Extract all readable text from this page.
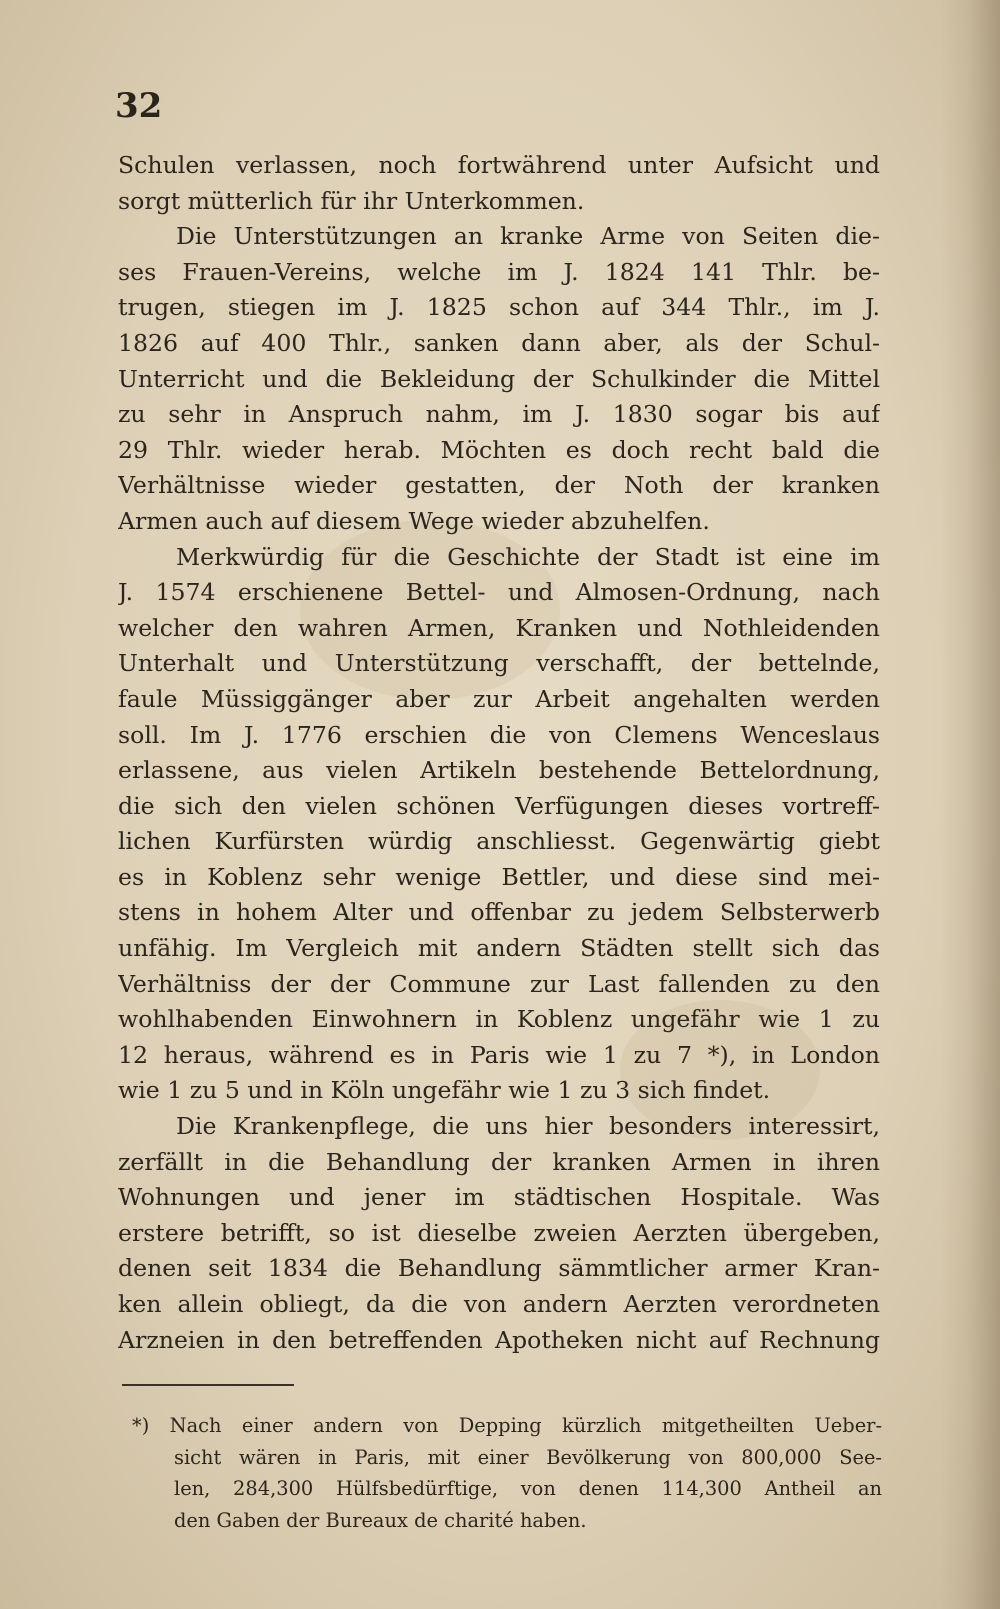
32
Schulen verlassen, noch fortwährend unter Aufsicht und
sorgt mütterlich für ihr Unterkommen.
Die Unterstützungen an kranke Arme von Seiten die-
ses Frauen-Vereins, welche im J. 1824 141 Thlr. be-
trugen, stiegen im J. 1825 schon auf 344 Thlr., im J.
1826 auf 400 Thlr., sanken dann aber, als der Schul-
Unterricht und die Bekleidung der Schulkinder die Mittel
zu sehr in Anspruch nahm, im J. 1830 sogar bis auf
29 Thlr. wieder herab. Möchten es doch recht bald die
Verhältnisse wieder gestatten, der Noth der kranken
Armen auch auf diesem Wege wieder abzuhelfen.
Merkwürdig für die Geschichte der Stadt ist eine im
J. 1574 erschienene Bettel- und Almosen-Ordnung, nach
welcher den wahren Armen, Kranken und Nothleidenden
Unterhalt und Unterstützung verschafft, der bettelnde,
faule Müssiggänger aber zur Arbeit angehalten werden
soll. Im J. 1776 erschien die von Clemens Wenceslaus
erlassene, aus vielen Artikeln bestehende Bettelordnung,
die sich den vielen schönen Verfügungen dieses vortreff-
lichen Kurfürsten würdig anschliesst. Gegenwärtig giebt
es in Koblenz sehr wenige Bettler, und diese sind mei-
stens in hohem Alter und offenbar zu jedem Selbsterwerb
unfähig. Im Vergleich mit andern Städten stellt sich das
Verhältniss der der Commune zur Last fallenden zu den
wohlhabenden Einwohnern in Koblenz ungefähr wie 1 zu
12 heraus, während es in Paris wie 1 zu 7 *), in London
wie 1 zu 5 und in Köln ungefähr wie 1 zu 3 sich findet.
Die Krankenpflege, die uns hier besonders interessirt,
zerfällt in die Behandlung der kranken Armen in ihren
Wohnungen und jener im städtischen Hospitale. Was
erstere betrifft, so ist dieselbe zweien Aerzten übergeben,
denen seit 1834 die Behandlung sämmtlicher armer Kran-
ken allein obliegt, da die von andern Aerzten verordneten
Arzneien in den betreffenden Apotheken nicht auf Rechnung
*) Nach einer andern von Depping kürzlich mitgetheilten Ueber-
sicht wären in Paris, mit einer Bevölkerung von 800,000 See-
len, 284,300 Hülfsbedürftige, von denen 114,300 Antheil an
den Gaben der Bureaux de charité haben.
